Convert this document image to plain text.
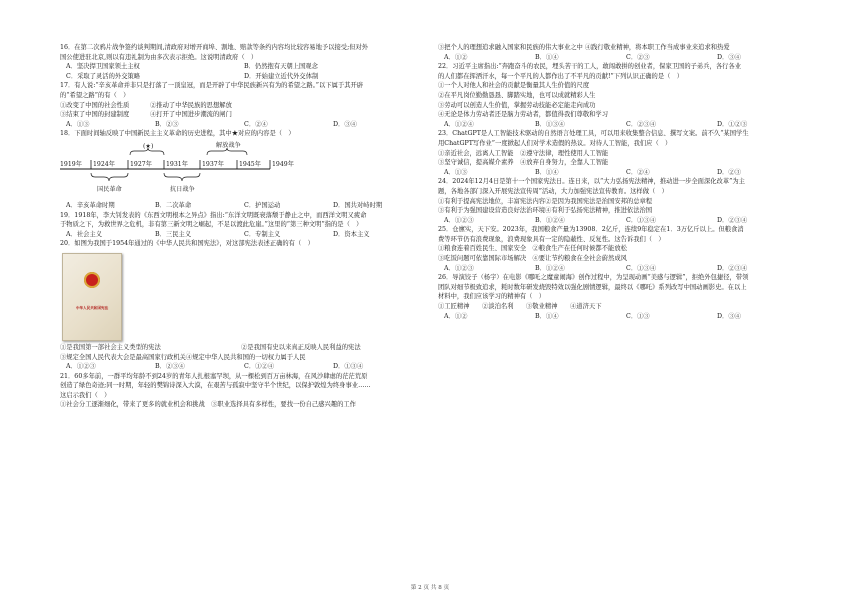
16．在第二次鸦片战争签约谈判期间,清政府对增开商埠、割地、赔款等条约内容均比较容易地予以接受;但对外
国公使进驻北京,则以有违礼制为由多次表示拒绝。这说明清政府（　）
A．坚决捍卫国家领土主权	B．仍然抱有天朝上国观念
C．采取了灵活的外交策略	D．开始建立近代外交体制
17．有人说:“辛亥革命并非只是打落了一顶皇冠，而是开辟了中华民族新兴有为的希望之路。”以下属于其开辟
的“希望之路”的有（　）
①改变了中国的社会性质	②推动了中华民族的思想解放
③结束了中国的封建制度	④打开了中国进步潮流的闸门
A．①③	B．②③	C．②④	D．③④
18．下面时间轴反映了中国新民主主义革命的历史进程，其中★对应的内容是（　）
(★)	解放战争
1919年 1924年 1927年 1931年 1937年 1945年 1949年
国民革命	抗日战争
A．辛亥革命时期	B．二次革命	C．护国运动	D．国共对峙时期
19．1918年，李大钊发表的《东西文明根本之异点》指出:“东洋文明既衰落颓于静止之中，而西洋文明又疲命
于物质之下，为救世界之危机，非有第三新文明之崛起，不足以渡此危崖。”这里的“第三种文明”指的是（　）
A．社会主义	B．三民主义	C．专制主义	D．资本主义
20．如图为我国于1954年通过的《中华人民共和国宪法》，对这部宪法表述正确的有（　）
中华人民共和国宪法
①是我国第一部社会主义类型的宪法	②是我国有史以来真正反映人民利益的宪法
③规定全国人民代表大会是最高国家行政机关④规定中华人民共和国的一切权力属于人民
A．①②③	B．②③④	C．①②④	D．①③④
21．60多年前，一群平均年龄不到24岁的青年人扎根塞罕坝，从一棵松到百万亩林海，在风沙肆虐的茫茫荒原
创造了绿色奇迹;同一时期，年轻的樊锦诗深入大漠，在艰苦与孤寂中坚守半个世纪，以保护敦煌为终身事业……
这启示我们（　）
①社会分工逐渐细化，带来了更多的就业机会和挑战　③职业选择具有多样性，要找一份自己感兴趣的工作
③把个人的理想追求融入国家和民族的伟大事业之中 ④践行敬业精神，将本职工作当成事业来追求和热爱
A．①②	B．①④	C．②③	D．③④
22．习近平主席指出:“奔跑奋斗的农民，埋头苦干的工人，敢闯敢拼的创业者，保家卫国的子弟兵，各行各业
的人们都在挥洒汗水，每一个平凡的人都作出了不平凡的贡献!”下列认识正确的是（　）
①一个人对他人和社会的贡献是衡量其人生价值的尺度
②在平凡岗位勤勤恳恳、脚踏实地，也可以成就精彩人生
③劳动可以创造人生价值，掌握劳动技能必定能走向成功
④无论是体力劳动者还是脑力劳动者，都值得我们尊敬和学习
A．①②④	B．①③④	C．②③④	D．①②③
23．ChatGPT是人工智能技术驱动的自然语言处理工具，可以用来收集整合信息、撰写文案。前不久“某国学生
用ChatGPT写作业”一度掀起人们对学术造假的热议。对待人工智能，我们应（　）
①亲近社会，远离人工智能	②遵守法律，理性使用人工智能
③坚守诚信，提高媒介素养	④放弃自身努力，全靠人工智能
A．①③	B．①④	C．②④	D．②③
24．2024年12月4日是第十一个国家宪法日。连日来，以“大力弘扬宪法精神，推动进一步全面深化改革”为主
题，各地各部门深入开展宪法宣传周”活动，大力加强宪法宣传教育。这样做（　）
①有利于提高宪法地位，丰富宪法内容②是因为我国宪法是治国安邦的总章程
③有利于为强国建设营造良好法治环境④有利于弘扬宪法精神，推进依法治国
A．①②③	B．①②④	C．①③④	D．②③④
25．仓廪实，天下安。2023年，我国粮食产量为13908．2亿斤，连续9年稳定在1．3万亿斤以上。但粮食消
费等环节仍有浪费现象，浪费现象具有一定的隐蔽性、反复性。这告诉我们（　）
①粮食连着百姓民生、国家安全　②粮食生产在任何时候都不能放松
③吃饭问题可依靠国际市场解决　④要让节约粮食在全社会蔚然成风
A．①②③	B．①②④	C．①③④	D．②③④
26．导演饺子（杨宇）在电影《哪吒之魔童闹海》创作过程中，为呈现动画“美感与逻辑”，拒绝外包捷径，带领
团队对细节极致追求，耗时数年研发烧毁特效以强化剧情逻辑，最终以《哪吒》系列改写中国动画影史。在以上
材料中，我们应该学习的精神有（　）
①工匠精神	②淡泊名利	③敬业精神	④道济天下
A．①②	B．①④	C．①③	D．③④
第 2 页 共 8 页
